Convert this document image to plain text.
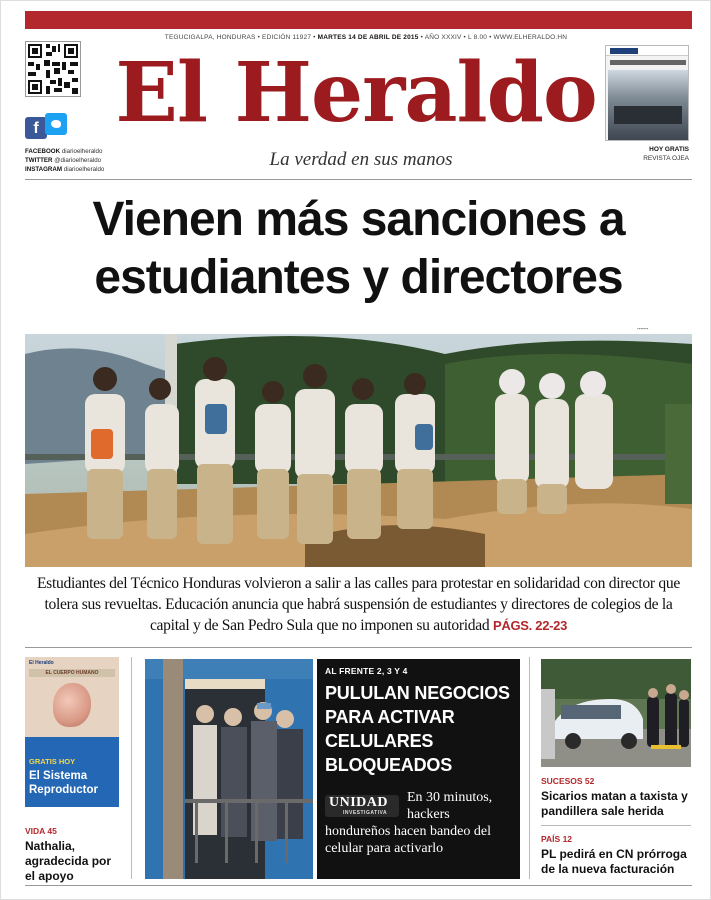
TEGUCIGALPA, HONDURAS • EDICIÓN 11927 • MARTES 14 DE ABRIL DE 2015 • AÑO XXXIV • L 8.00 • WWW.ELHERALDO.HN
f
FACEBOOK diarioelheraldo
TWITTER @diarioelheraldo
INSTAGRAM diarioelheraldo
El Heraldo
La verdad en sus manos	HOY GRATIS
REVISTA OJEA
Vienen más sanciones a
estudiantes y directores
▪▪▪▪▪▪▪
Estudiantes del Técnico Honduras volvieron a salir a las calles para protestar en solidaridad con director que tolera sus revueltas. Educación anuncia que habrá suspensión de estudiantes y directores de colegios de la capital y de San Pedro Sula que no imponen su autoridad PÁGS. 22-23
El Heraldo
EL CUERPO HUMANO
GRATIS HOY
El Sistema Reproductor
VIDA 45
Nathalia, agradecida por el apoyo
AL FRENTE 2, 3 Y 4
PULULAN NEGOCIOS PARA ACTIVAR CELULARES BLOQUEADOS
UNIDAD
INVESTIGATIVA
En 30 minutos, hackers
hondureños hacen bandeo del celular para activarlo
SUCESOS 52
Sicarios matan a taxista y pandillera sale herida
PAÍS 12
PL pedirá en CN prórroga de la nueva facturación
